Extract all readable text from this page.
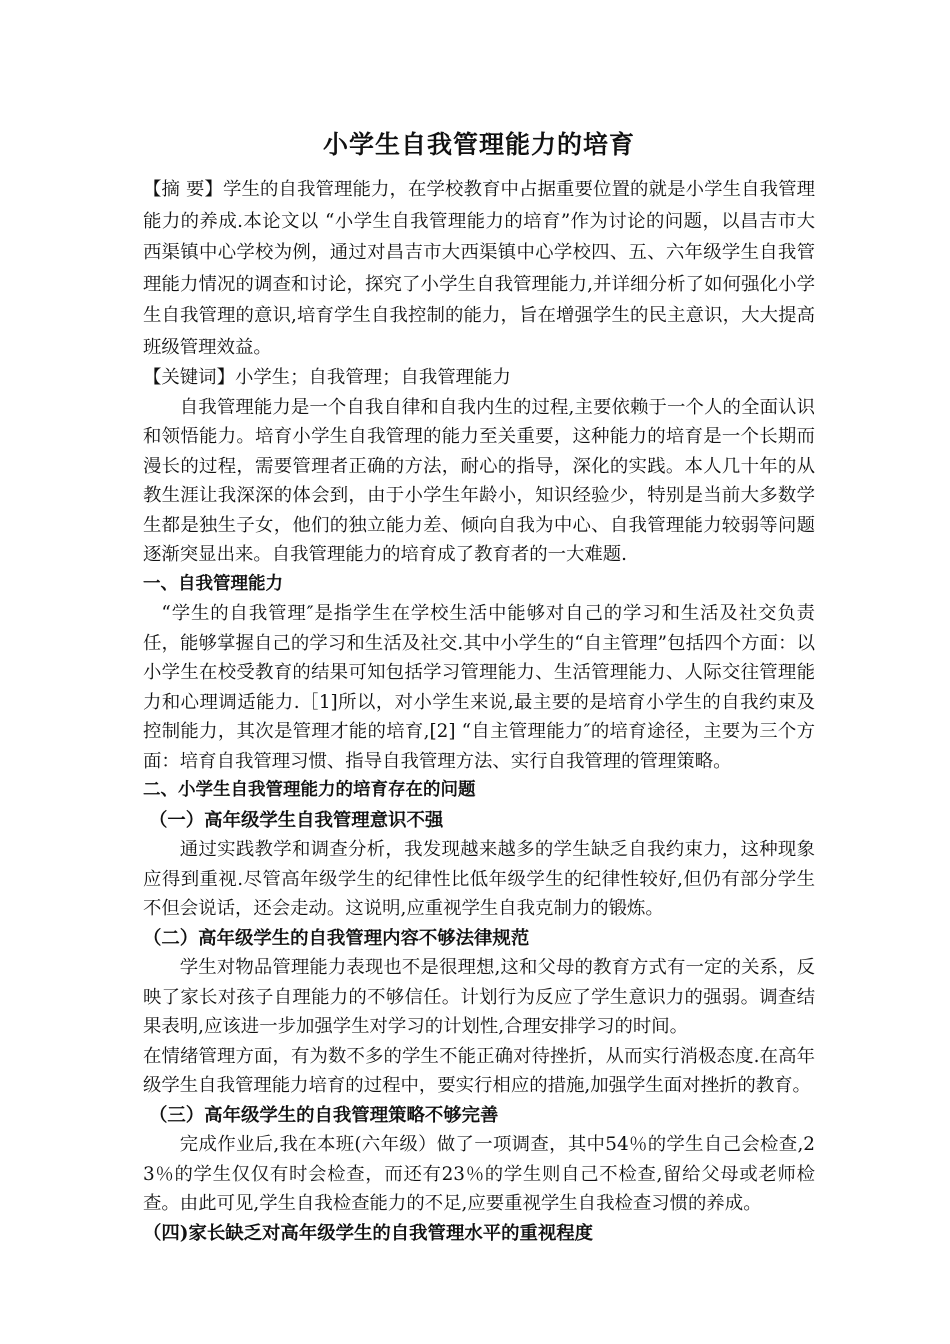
小学生自我管理能力的培育

【摘 要】学生的自我管理能力，在学校教育中占据重要位置的就是小学生自我管理能力的养成.本论文以 “小学生自我管理能力的培育”作为讨论的问题，以昌吉市大西渠镇中心学校为例，通过对昌吉市大西渠镇中心学校四、五、六年级学生自我管理能力情况的调查和讨论，探究了小学生自我管理能力,并详细分析了如何强化小学生自我管理的意识,培育学生自我控制的能力，旨在增强学生的民主意识，大大提高班级管理效益。

【关键词】小学生；自我管理；自我管理能力

自我管理能力是一个自我自律和自我内生的过程,主要依赖于一个人的全面认识和领悟能力。培育小学生自我管理的能力至关重要，这种能力的培育是一个长期而漫长的过程，需要管理者正确的方法，耐心的指导，深化的实践。本人几十年的从教生涯让我深深的体会到，由于小学生年龄小，知识经验少，特别是当前大多数学生都是独生子女，他们的独立能力差、倾向自我为中心、自我管理能力较弱等问题逐渐突显出来。自我管理能力的培育成了教育者的一大难题.

一、自我管理能力

“学生的自我管理″是指学生在学校生活中能够对自己的学习和生活及社交负责任，能够掌握自己的学习和生活及社交.其中小学生的“自主管理”包括四个方面：以小学生在校受教育的结果可知包括学习管理能力、生活管理能力、人际交往管理能力和心理调适能力.［1]所以，对小学生来说,最主要的是培育小学生的自我约束及控制能力，其次是管理才能的培育,[2] “自主管理能力″的培育途径，主要为三个方面：培育自我管理习惯、指导自我管理方法、实行自我管理的管理策略。

二、小学生自我管理能力的培育存在的问题
（一）高年级学生自我管理意识不强

通过实践教学和调查分析，我发现越来越多的学生缺乏自我约束力，这种现象应得到重视.尽管高年级学生的纪律性比低年级学生的纪律性较好,但仍有部分学生不但会说话，还会走动。这说明,应重视学生自我克制力的锻炼。

（二）高年级学生的自我管理内容不够法律规范

学生对物品管理能力表现也不是很理想,这和父母的教育方式有一定的关系，反映了家长对孩子自理能力的不够信任。计划行为反应了学生意识力的强弱。调查结果表明,应该进一步加强学生对学习的计划性,合理安排学习的时间。

在情绪管理方面，有为数不多的学生不能正确对待挫折，从而实行消极态度.在高年级学生自我管理能力培育的过程中，要实行相应的措施,加强学生面对挫折的教育。

（三）高年级学生的自我管理策略不够完善

完成作业后,我在本班(六年级）做了一项调查，其中54％的学生自己会检查,23％的学生仅仅有时会检查，而还有23％的学生则自己不检查,留给父母或老师检查。由此可见,学生自我检查能力的不足,应要重视学生自我检查习惯的养成。

（四)家长缺乏对高年级学生的自我管理水平的重视程度
